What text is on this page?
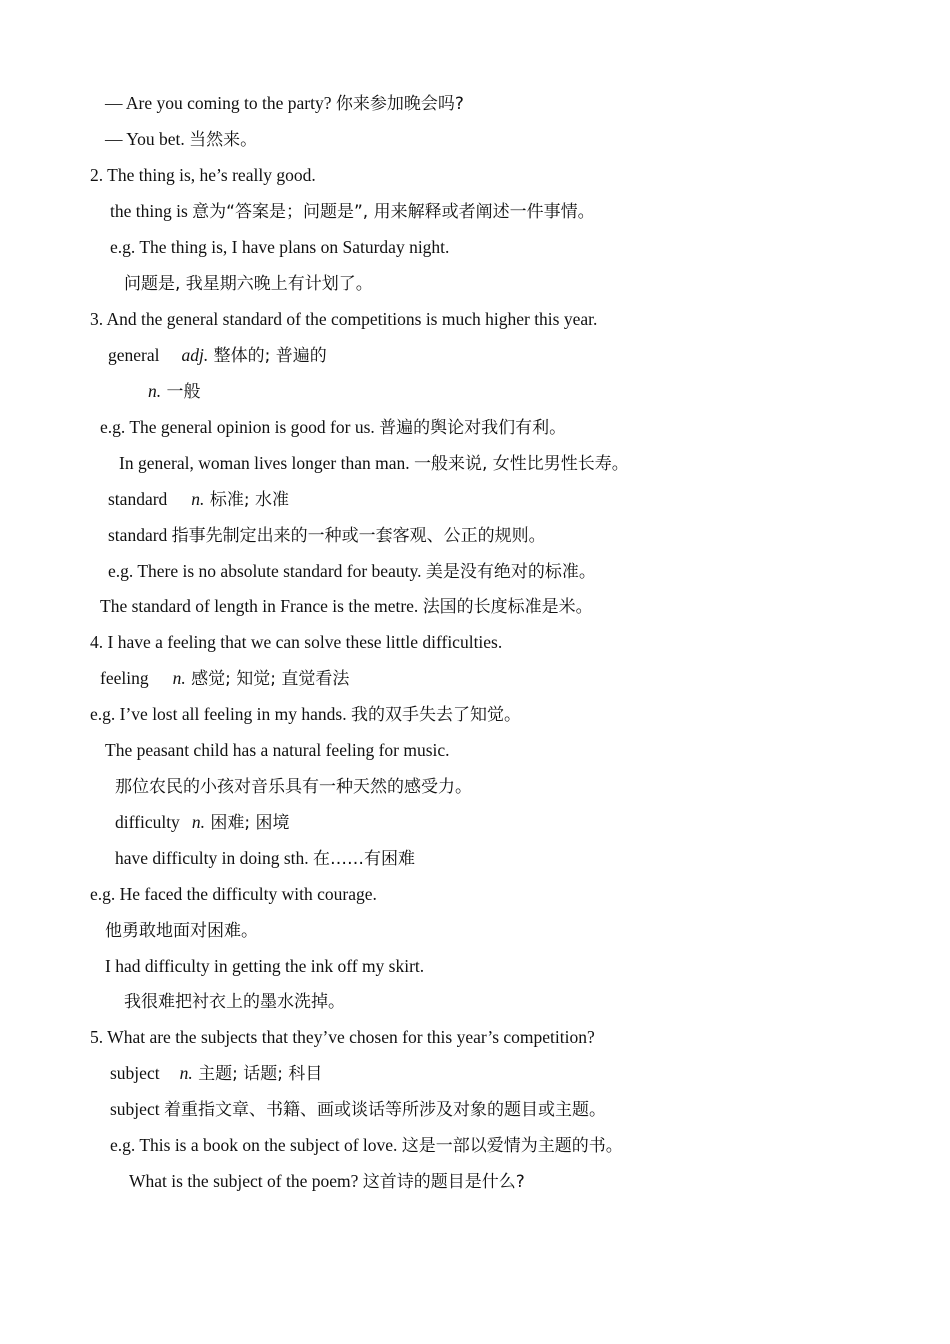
— Are you coming to the party? 你来参加晚会吗?
— You bet. 当然来。
2. The thing is, he’s really good.
the thing is 意为“答案是；问题是”, 用来解释或者阐述一件事情。
e.g. The thing is, I have plans on Saturday night.
问题是, 我星期六晚上有计划了。
3. And the general standard of the competitions is much higher this year.
general adj. 整体的; 普遍的
n. 一般
e.g. The general opinion is good for us. 普遍的舆论对我们有利。
In general, woman lives longer than man. 一般来说, 女性比男性长寿。
standard n. 标准; 水准
standard 指事先制定出来的一种或一套客观、公正的规则。
e.g. There is no absolute standard for beauty. 美是没有绝对的标准。
The standard of length in France is the metre. 法国的长度标准是米。
4. I have a feeling that we can solve these little difficulties.
feeling n. 感觉; 知觉; 直觉看法
e.g. I’ve lost all feeling in my hands. 我的双手失去了知觉。
The peasant child has a natural feeling for music.
那位农民的小孩对音乐具有一种天然的感受力。
difficulty n. 困难; 困境
have difficulty in doing sth. 在……有困难
e.g. He faced the difficulty with courage.
他勇敢地面对困难。
I had difficulty in getting the ink off my skirt.
我很难把衬衣上的墨水洗掉。
5. What are the subjects that they’ve chosen for this year’s competition?
subject n. 主题; 话题; 科目
subject 着重指文章、书籍、画或谈话等所涉及对象的题目或主题。
e.g. This is a book on the subject of love. 这是一部以爱情为主题的书。
What is the subject of the poem? 这首诗的题目是什么?
